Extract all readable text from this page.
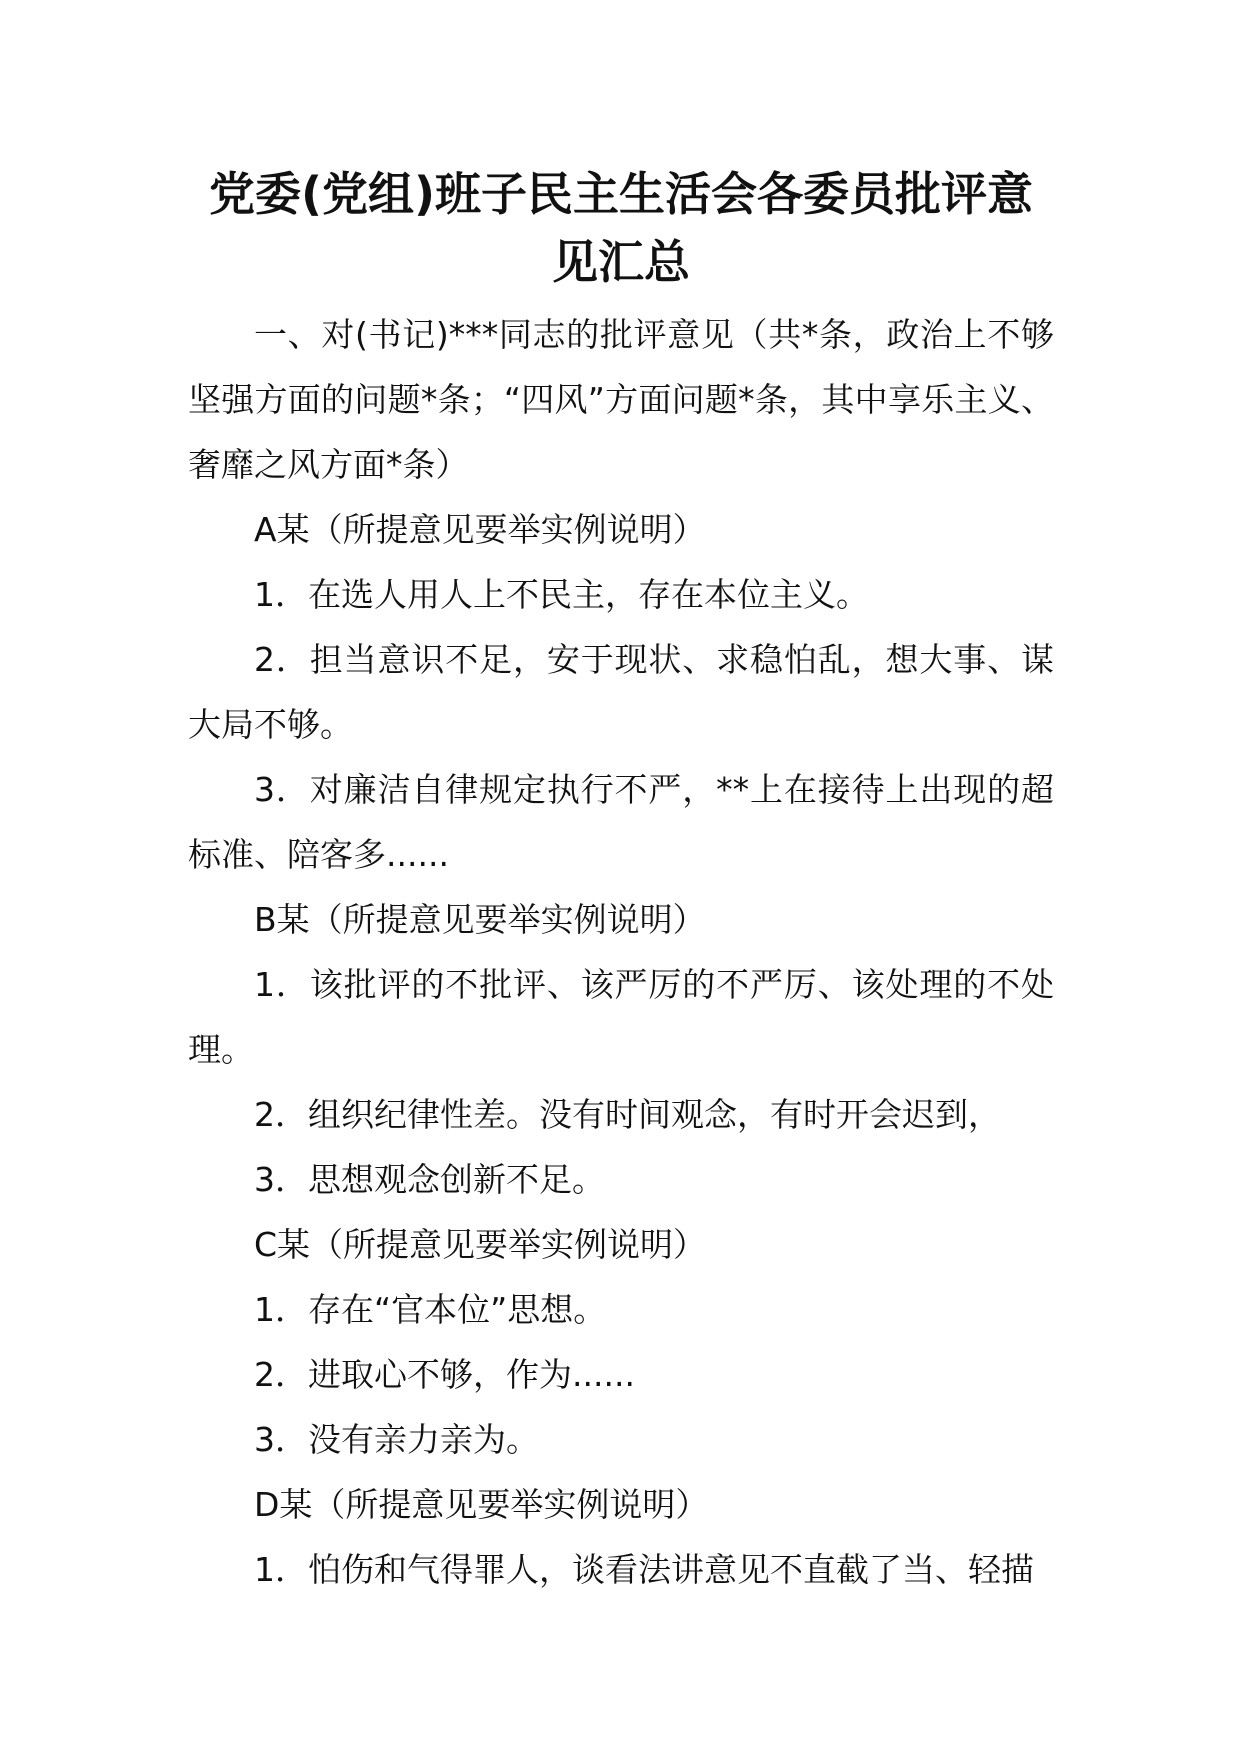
党委(党组)班子民主生活会各委员批评意见汇总

一、对(书记)***同志的批评意见（共*条，政治上不够坚强方面的问题*条；“四风”方面问题*条，其中享乐主义、奢靡之风方面*条）

A某（所提意见要举实例说明）

1．在选人用人上不民主，存在本位主义。

2．担当意识不足，安于现状、求稳怕乱，想大事、谋大局不够。

3．对廉洁自律规定执行不严，**上在接待上出现的超标准、陪客多......

B某（所提意见要举实例说明）

1．该批评的不批评、该严厉的不严厉、该处理的不处理。

2．组织纪律性差。没有时间观念，有时开会迟到，

3．思想观念创新不足。

C某（所提意见要举实例说明）

1．存在“官本位”思想。

2．进取心不够，作为......

3．没有亲力亲为。

D某（所提意见要举实例说明）

1．怕伤和气得罪人，谈看法讲意见不直截了当、轻描
